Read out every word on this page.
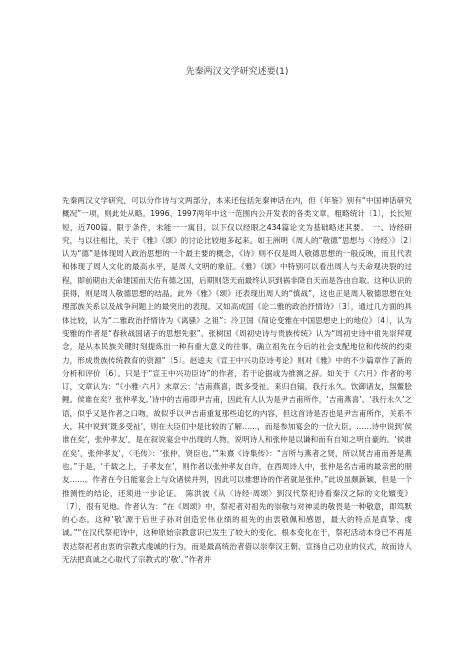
先秦两汉文学研究述要(1)

先秦两汉文学研究，可以分作诗与文两部分，本来还包括先秦神话在内，但《年鉴》别有“中国神话研究概况”一项，则此处从略。1996、1997两年中这一范围内公开发表的各类文章，粗略统计〔1〕，长长短短，近700篇。限于条件，未能一一寓目，以下仅以经眼之434篇论文为基础略述其要。　一、诗经研究，与以往相比，关于《雅》《颂》的讨论比较地多起来。如王洲明《周人的“敬德”思想与〈诗经〉》〔2〕认为“德”是体现周人政治思想的一个最主要的概念，《诗》则不仅是周人敬德思想的一般反映，而且代表和体现了周人文化的最高水平，是周人文明的象征。《雅》《颂》中特别可以看出周人与天命观决裂的过程，即前期由天命建国而天佑有德之国，后期则怨天而最终认识到祸非降自天而是咎由自取。这种认识的获得，则是周人敬德思想的结晶。此外《雅》《颂》还表现出周人的“慎战”，这也正是周人敬德思想在处理部族关系以及战争问题上的最突出的表现。又如高成国《论二雅的政治抒情诗》〔3〕，通过几方面的具体比较，认为“二雅政治抒情诗为《离骚》之祖”；冷卫国《简论变雅在中国思想史上的地位》〔4〕，认为变雅的作者是“春秋战国诸子的思想先驱”。张树国《周初史诗与贵族传统》认为“周初史诗中祖先崇拜观念，是从本民族关键时刻提炼出一种有重大意义的往事，确立祖先在今后的社会支配地位和传统的约束力，形成贵族传统教育的资源”〔5〕。赵逵夫《宣王中兴功臣诗考论》则对《雅》中的不少篇章作了新的分析和评价〔6〕。只是于“宣王中兴功臣诗”的作者，若干论据或为推测之辞。如关于《六月》作者的考订，文章认为：“《小雅·六月》末章云：‘吉甫燕喜，既多受祉。来归自镐，我行永久。饮御诸友，炰鳖脍鲤。侯谁在矣？张仲孝友。’诗中的吉甫即尹吉甫，因此有人认为是尹吉甫所作，‘吉甫燕喜’、‘我行永久’之语，似乎又是作者之口吻，故似乎以尹吉甫重复那些追忆的内容，但这首诗是否也是尹吉甫所作，关系不大。其中说到‘既多受祉’，则在大臣们中是比较的了解……，而是参加宴会的一位大臣。……诗中说到‘侯谁在矣’，张仲孝友’，是在叙说宴会中出现的人物，说明诗人和张仲是以谦和而有自知之明自豪的。‘侯谁在矣’，张仲孝友’，〈毛传〉：‘张仲，贤臣也。’”朱熹《诗集传》：“言所与燕者之贤，所以贤吉甫而善是燕也。”于是，‘千载之上，子孝友在’，则作者以张仲孝友自许，在西周诗人中，张仲是名吉甫的最亲密的朋友……。作者在今日能宴会上与众诸侯并列，因此可以推想诗的作者就是张仲。”此说虽颇新颖，但是一个推测性的结论，还须进一步论证。　陈洪波《从〈诗经·周颂〉到汉代祭祀诗看秦汉之际的文化嬗变》〔7〕，很有见地。作者认为：“在《周颂》中，祭祀者对祖先的崇敬与对神灵的敬畏是一种敬意，即笃默的心态。这种‘敬’源于后世子孙对创造宏伟业绩的祖先的由衷敬佩和感恩，最大的特点是真挚、虔诚。”“在汉代祭祀诗中，这种原始宗教意识已发生了较大的变化。根本变化在于，祭祀活动本身已不再是表达祭祀者由衷的宗教式虔诚的行为，而是最高统治者借以崇奉汉王朝、宣扬自己功业的仪式，故而诗人无法把真诚之心取代了宗教式的‘敬’。”作者并
